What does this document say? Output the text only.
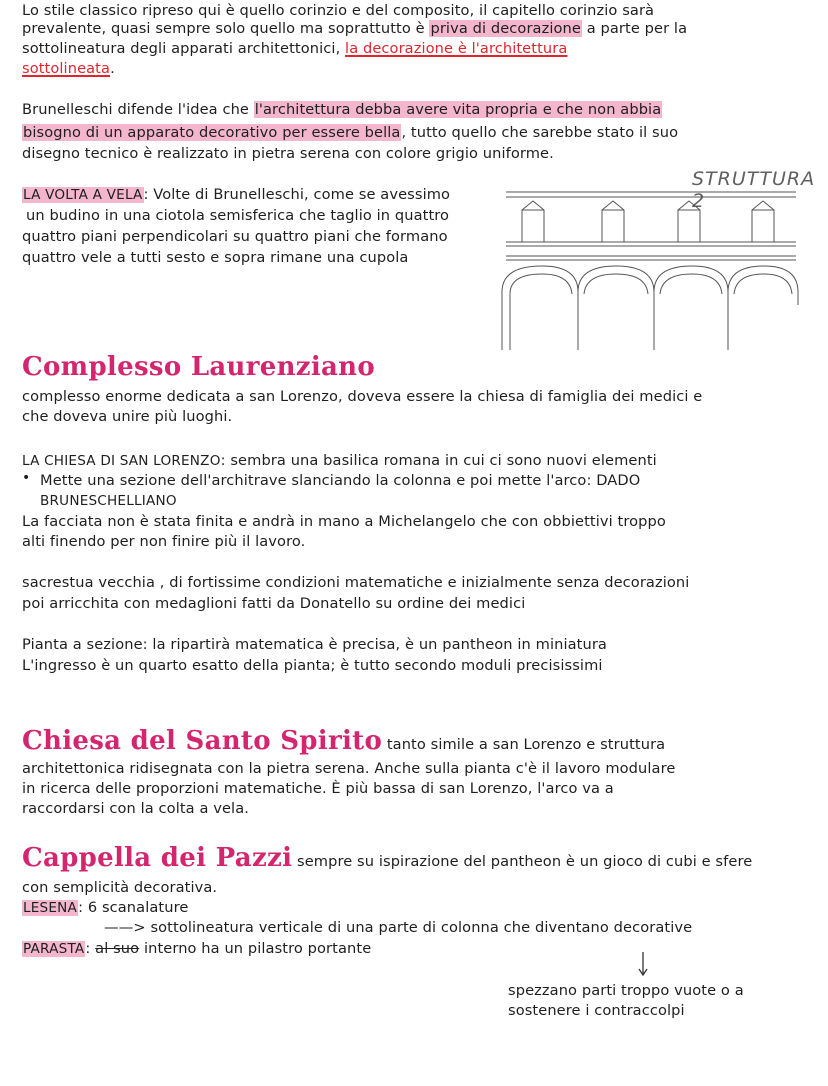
Lo stile classico ripreso qui è quello corinzio e del composito, il capitello corinzio sarà

prevalente, quasi sempre solo quello ma soprattutto è priva di decorazione a parte per la

sottolineatura degli apparati architettonici, la decorazione è l'architettura

sottolineata.

Brunelleschi difende l'idea che l'architettura debba avere vita propria e che non abbia

bisogno di un apparato decorativo per essere bella, tutto quello che sarebbe stato il suo

disegno tecnico è realizzato in pietra serena con colore grigio uniforme.

STRUTTURA 2

LA VOLTA A VELA: Volte di Brunelleschi, come se avessimo

un budino in una ciotola semisferica che taglio in quattro

quattro piani perpendicolari su quattro piani che formano

quattro vele a tutti sesto e sopra rimane una cupola

Complesso Laurenziano

complesso enorme dedicata a san Lorenzo, doveva essere la chiesa di famiglia dei medici e

che doveva unire più luoghi.

LA CHIESA DI SAN LORENZO: sembra una basilica romana in cui ci sono nuovi elementi

• Mette una sezione dell'architrave slanciando la colonna e poi mette l'arco: DADO

BRUNESCHELLIANO

La facciata non è stata finita e andrà in mano a Michelangelo che con obbiettivi troppo

alti finendo per non finire più il lavoro.

sacrestua vecchia , di fortissime condizioni matematiche e inizialmente senza decorazioni

poi arricchita con medaglioni fatti da Donatello su ordine dei medici

Pianta a sezione: la ripartirà matematica è precisa, è un pantheon in miniatura

L'ingresso è un quarto esatto della pianta; è tutto secondo moduli precisissimi

Chiesa del Santo Spirito tanto simile a san Lorenzo e struttura

architettonica ridisegnata con la pietra serena. Anche sulla pianta c'è il lavoro modulare

in ricerca delle proporzioni matematiche. È più bassa di san Lorenzo, l'arco va a

raccordarsi con la colta a vela.

Cappella dei Pazzi sempre su ispirazione del pantheon è un gioco di cubi e sfere

con semplicità decorativa.

LESENA: 6 scanalature

——> sottolineatura verticale di una parte di colonna che diventano decorative

PARASTA: al suo interno ha un pilastro portante

spezzano parti troppo vuote o a

sostenere i contraccolpi
